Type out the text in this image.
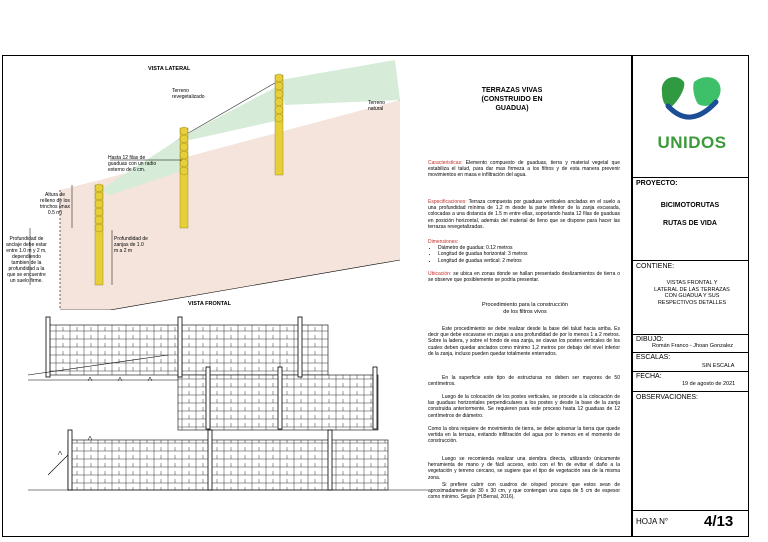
VISTA LATERAL
Terreno
revegetalizado
Terreno
natural
Hasta 12 filas de
guaduas con un radio
externo de 6 cm.
Altura de
relleno de los
trinchos (max
0.5 m)
Profundidad de
anclaje debe estar
entre 1.0 m y 2 m,
dependiendo
tambien de la
profundidad a la
que se encuentre
un suelo firme.
Profundidad de
zanjas de 1.0
m a 2 m
VISTA FRONTAL
TERRAZAS VIVAS
(CONSTRUIDO EN
GUADUA)
Caracteristicas: Elemento compuesto de guaduas, tierra y material vegetal que estabiliza el talud, para dar mas firmeza a los filtros y de esta manera prevenir movimientos en masa e infiltración del agua.
Especificaciones: Terraza compuesta por guaduas verticales ancladas en el suelo a una profundidad mínima de 1,2 m desde la parte inferior de la zanja excavada, colocadas a una distancia de 1.5 m entre ellas, soportando hasta 12 filas de guaduas en posición horizontal, además del material de lleno que se dispone para hacer las terrazas revegetalizadas.
Dimensiones:
• Diámetro de guadua: 0.12 metros
• Longitud de guadua horizontal: 3 metros
• Longitud de guadua vertical: 2 metros
Ubicación: se ubica en zonas donde se hallan presentado deslizamientos de tierra o se observe que posiblemente se podría presentar.
Procedimiento para la construcción
de los filtros vivos
Este procedimiento se debe realizar desde la base del talud hacia arriba. Es decir que debe excavarse en zanjas a una profundidad de por lo menos 1 a 2 metros. Sobre la ladera, y sobre el fondo de esa zanja, se clavan los postes verticales de los cuales deben quedar anclados como mínimo 1,2 metros por debajo del nivel inferior de la zanja, incluso pueden quedar totalmente enterrados.
En la superficie este tipo de estructuras no deben ser mayores de 50 centímetros.
Luego de la colocación de los postes verticales, se procede a la colocación de las guaduas horizontales perpendiculares a los postes y desde la base de la zanja construida anteriormente. Se requieren para este proceso hasta 12 guaduas de 12 centímetros de diámetro.
Como la obra requiere de movimiento de tierra, se debe apisonar la tierra que quede vertida en la terraza, evitando infiltración del agua por lo menos en el momento de construcción.
Luego se recomienda realizar una siembra directa, utilizando únicamente herramienta de mano y de fácil acceso, esto con el fin de evitar el daño a la vegetación y terreno cercano, se sugiere que el tipo de vegetación sea de la misma zona.
Si prefiere cubrir con cuadros de césped procure que estos sean de aproximadamente de 30 x 30 cm, y que contengan una capa de 5 cm de espesor como mínimo. Según (H.Bernal, 2016).
UNIDOS
PROYECTO:
BICIMOTORUTAS
RUTAS DE VIDA
CONTIENE:
VISTAS FRONTAL Y
LATERAL DE LAS TERRAZAS
CON GUADUA Y SUS
RESPECTIVOS DETALLES
DIBUJÓ:
Román Franco - Jhoan Gonzalez
ESCALAS:
SIN ESCALA
FECHA:
19 de agosto de 2021
OBSERVACIONES:
HOJA N° 4/13
